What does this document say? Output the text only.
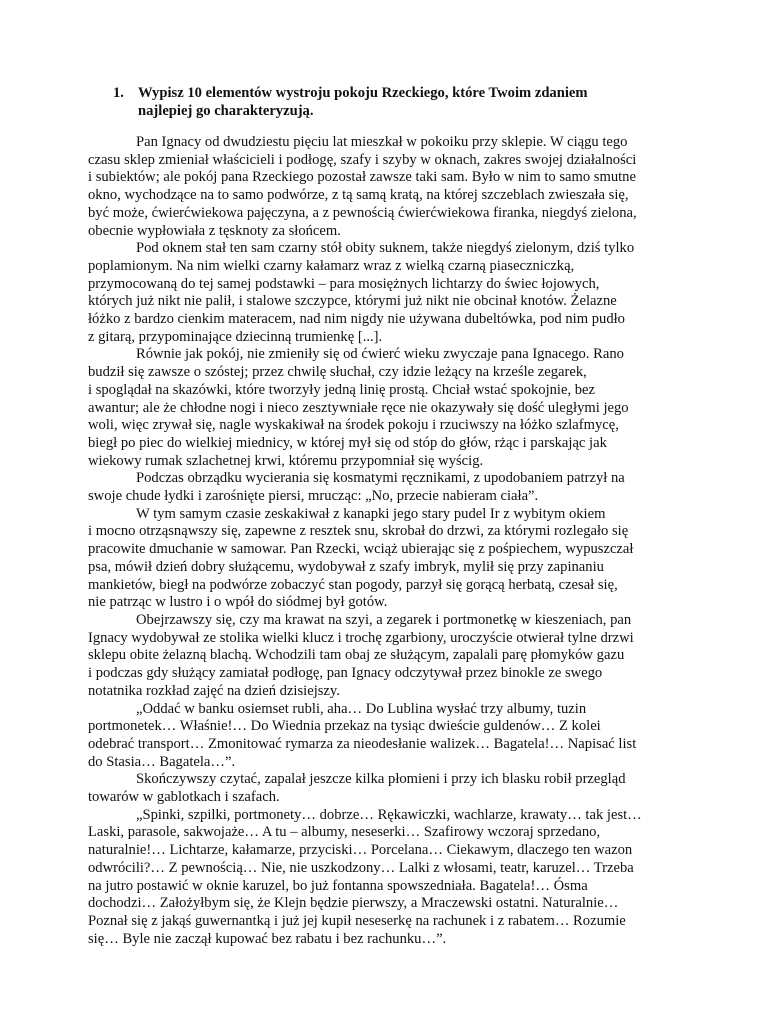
1. Wypisz 10 elementów wystroju pokoju Rzeckiego, które Twoim zdaniem
najlepiej go charakteryzują.

Pan Ignacy od dwudziestu pięciu lat mieszkał w pokoiku przy sklepie. W ciągu tego
czasu sklep zmieniał właścicieli i podłogę, szafy i szyby w oknach, zakres swojej działalności
i subiektów; ale pokój pana Rzeckiego pozostał zawsze taki sam. Było w nim to samo smutne
okno, wychodzące na to samo podwórze, z tą samą kratą, na której szczeblach zwieszała się,
być może, ćwierćwiekowa pajęczyna, a z pewnością ćwierćwiekowa firanka, niegdyś zielona,
obecnie wypłowiała z tęsknoty za słońcem.

Pod oknem stał ten sam czarny stół obity suknem, także niegdyś zielonym, dziś tylko
poplamionym. Na nim wielki czarny kałamarz wraz z wielką czarną piaseczniczką,
przymocowaną do tej samej podstawki – para mosiężnych lichtarzy do świec łojowych,
których już nikt nie palił, i stalowe szczypce, którymi już nikt nie obcinał knotów. Żelazne
łóżko z bardzo cienkim materacem, nad nim nigdy nie używana dubeltówka, pod nim pudło
z gitarą, przypominające dziecinną trumienkę [...].

Równie jak pokój, nie zmieniły się od ćwierć wieku zwyczaje pana Ignacego. Rano
budził się zawsze o szóstej; przez chwilę słuchał, czy idzie leżący na krześle zegarek,
i spoglądał na skazówki, które tworzyły jedną linię prostą. Chciał wstać spokojnie, bez
awantur; ale że chłodne nogi i nieco zesztywniałe ręce nie okazywały się dość uległymi jego
woli, więc zrywał się, nagle wyskakiwał na środek pokoju i rzuciwszy na łóżko szlafmycę,
biegł po piec do wielkiej miednicy, w której mył się od stóp do głów, rżąc i parskając jak
wiekowy rumak szlachetnej krwi, któremu przypomniał się wyścig.

Podczas obrządku wycierania się kosmatymi ręcznikami, z upodobaniem patrzył na
swoje chude łydki i zarośnięte piersi, mrucząc: „No, przecie nabieram ciała”.

W tym samym czasie zeskakiwał z kanapki jego stary pudel Ir z wybitym okiem
i mocno otrząsnąwszy się, zapewne z resztek snu, skrobał do drzwi, za którymi rozlegało się
pracowite dmuchanie w samowar. Pan Rzecki, wciąż ubierając się z pośpiechem, wypuszczał
psa, mówił dzień dobry służącemu, wydobywał z szafy imbryk, mylił się przy zapinaniu
mankietów, biegł na podwórze zobaczyć stan pogody, parzył się gorącą herbatą, czesał się,
nie patrząc w lustro i o wpół do siódmej był gotów.

Obejrzawszy się, czy ma krawat na szyi, a zegarek i portmonetkę w kieszeniach, pan
Ignacy wydobywał ze stolika wielki klucz i trochę zgarbiony, uroczyście otwierał tylne drzwi
sklepu obite żelazną blachą. Wchodzili tam obaj ze służącym, zapalali parę płomyków gazu
i podczas gdy służący zamiatał podłogę, pan Ignacy odczytywał przez binokle ze swego
notatnika rozkład zajęć na dzień dzisiejszy.

„Oddać w banku osiemset rubli, aha… Do Lublina wysłać trzy albumy, tuzin
portmonetek… Właśnie!… Do Wiednia przekaz na tysiąc dwieście guldenów… Z kolei
odebrać transport… Zmonitować rymarza za nieodesłanie walizek… Bagatela!… Napisać list
do Stasia… Bagatela…”.

Skończywszy czytać, zapalał jeszcze kilka płomieni i przy ich blasku robił przegląd
towarów w gablotkach i szafach.

„Spinki, szpilki, portmonety… dobrze… Rękawiczki, wachlarze, krawaty… tak jest…
Laski, parasole, sakwojaże… A tu – albumy, neseserki… Szafirowy wczoraj sprzedano,
naturalnie!… Lichtarze, kałamarze, przyciski… Porcelana… Ciekawym, dlaczego ten wazon
odwrócili?… Z pewnością… Nie, nie uszkodzony… Lalki z włosami, teatr, karuzel… Trzeba
na jutro postawić w oknie karuzel, bo już fontanna spowszedniała. Bagatela!… Ósma
dochodzi… Założyłbym się, że Klejn będzie pierwszy, a Mraczewski ostatni. Naturalnie…
Poznał się z jakąś guwernantką i już jej kupił neseserkę na rachunek i z rabatem… Rozumie
się… Byle nie zaczął kupować bez rabatu i bez rachunku…”.
